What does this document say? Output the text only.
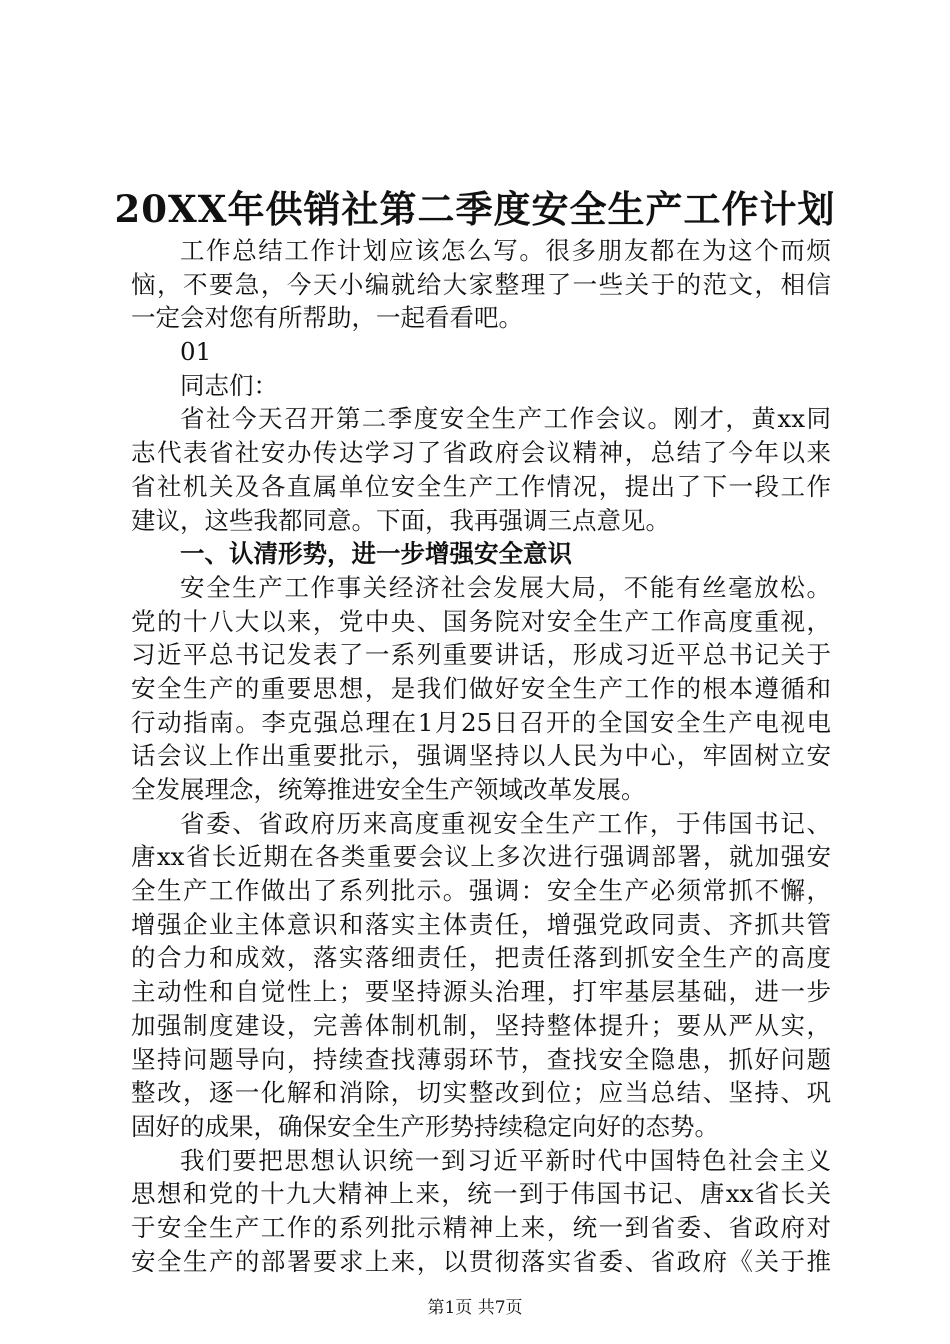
20XX年供销社第二季度安全生产工作计划
工作总结工作计划应该怎么写。很多朋友都在为这个而烦
恼，不要急，今天小编就给大家整理了一些关于的范文，相信
一定会对您有所帮助，一起看看吧。
01
同志们：
省社今天召开第二季度安全生产工作会议。刚才，黄xx同
志代表省社安办传达学习了省政府会议精神，总结了今年以来
省社机关及各直属单位安全生产工作情况，提出了下一段工作
建议，这些我都同意。下面，我再强调三点意见。
一、认清形势，进一步增强安全意识
安全生产工作事关经济社会发展大局，不能有丝毫放松。
党的十八大以来，党中央、国务院对安全生产工作高度重视，
习近平总书记发表了一系列重要讲话，形成习近平总书记关于
安全生产的重要思想，是我们做好安全生产工作的根本遵循和
行动指南。李克强总理在1月25日召开的全国安全生产电视电
话会议上作出重要批示，强调坚持以人民为中心，牢固树立安
全发展理念，统筹推进安全生产领域改革发展。
省委、省政府历来高度重视安全生产工作，于伟国书记、
唐xx省长近期在各类重要会议上多次进行强调部署，就加强安
全生产工作做出了系列批示。强调：安全生产必须常抓不懈，
增强企业主体意识和落实主体责任，增强党政同责、齐抓共管
的合力和成效，落实落细责任，把责任落到抓安全生产的高度
主动性和自觉性上；要坚持源头治理，打牢基层基础，进一步
加强制度建设，完善体制机制，坚持整体提升；要从严从实，
坚持问题导向，持续查找薄弱环节，查找安全隐患，抓好问题
整改，逐一化解和消除，切实整改到位；应当总结、坚持、巩
固好的成果，确保安全生产形势持续稳定向好的态势。
我们要把思想认识统一到习近平新时代中国特色社会主义
思想和党的十九大精神上来，统一到于伟国书记、唐xx省长关
于安全生产工作的系列批示精神上来，统一到省委、省政府对
安全生产的部署要求上来，以贯彻落实省委、省政府《关于推
第1页 共7页
